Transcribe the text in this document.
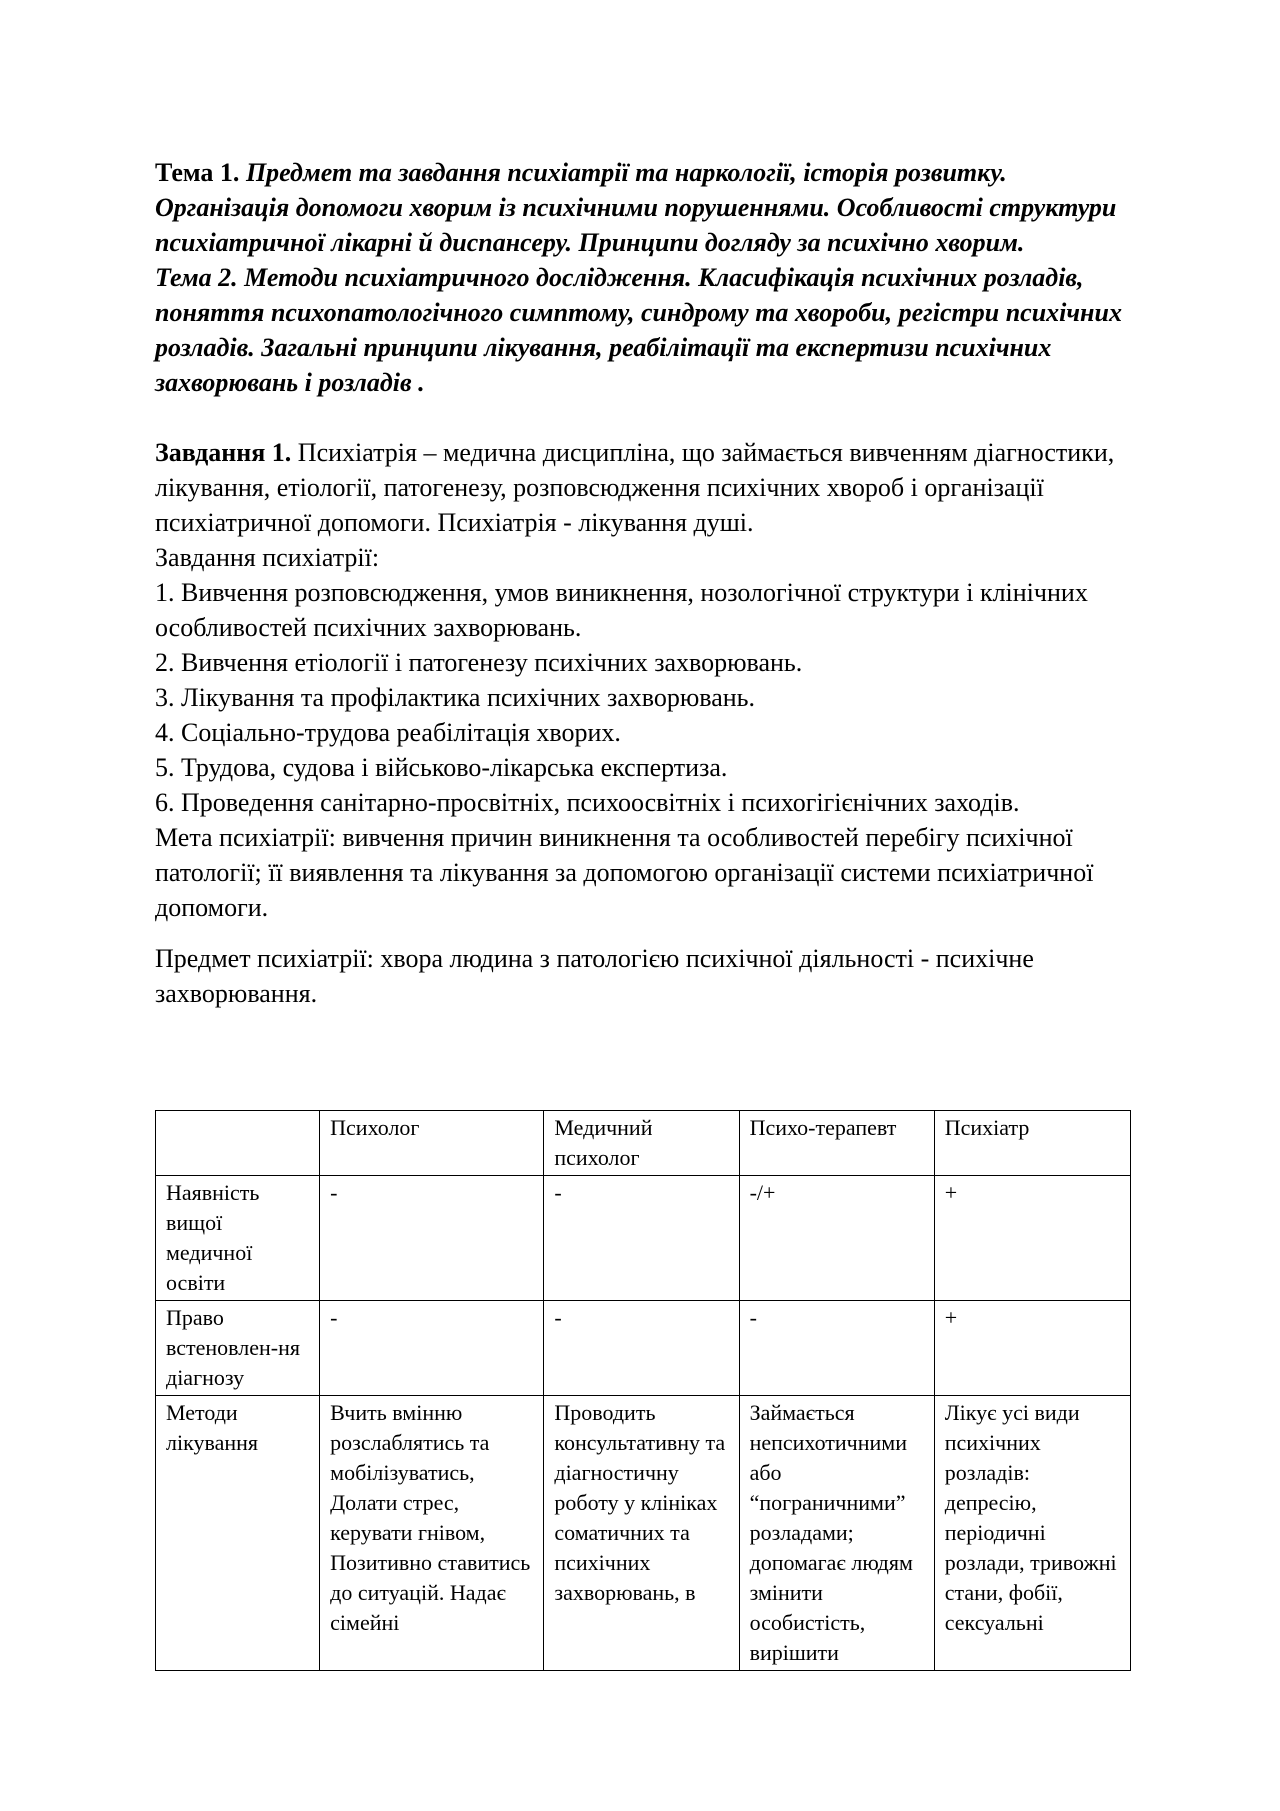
Тема 1. Предмет та завдання психіатрії та наркології, історія розвитку. Організація допомоги хворим із психічними порушеннями. Особливості структури психіатричної лікарні й диспансеру. Принципи догляду за психічно хворим.

Тема 2. Методи психіатричного дослідження. Класифікація психічних розладів, поняття психопатологічного симптому, синдрому та хвороби, регістри психічних розладів. Загальні принципи лікування, реабілітації та експертизи психічних захворювань і розладів .

Завдання 1. Психіатрія – медична дисципліна, що займається вивченням діагностики, лікування, етіології, патогенезу, розповсюдження психічних хвороб і організації психіатричної допомоги. Психіатрія - лікування душі.

Завдання психіатрії:

1. Вивчення розповсюдження, умов виникнення, нозологічної структури і клінічних особливостей психічних захворювань.

2. Вивчення етіології і патогенезу психічних захворювань.

3. Лікування та профілактика психічних захворювань.

4. Соціально-трудова реабілітація хворих.

5. Трудова, судова і військово-лікарська експертиза.

6. Проведення санітарно-просвітніх, психоосвітніх і психогігієнічних заходів.

Мета психіатрії: вивчення причин виникнення та особливостей перебігу психічної патології; її виявлення та лікування за допомогою організації системи психіатричної допомоги.

Предмет психіатрії: хвора людина з патологією психічної діяльності - психічне захворювання.

	Психолог	Медичний психолог	Психо-терапевт	Психіатр
Наявність вищої медичної освіти	-	-	-/+	+
Право встеновлен-ня діагнозу	-	-	-	+
Методи лікування	Вчить вмінню розслаблятись та мобілізуватись, Долати стрес, керувати гнівом, Позитивно ставитись до ситуацій. Надає сімейні	Проводить консультативну та діагностичну роботу у клініках соматичних та психічних захворювань, в	Займається непсихотичними або “пограничними” розладами; допомагає людям змінити особистість, вирішити	Лікує усі види психічних розладів: депресію, періодичні розлади, тривожні стани, фобії, сексуальні
